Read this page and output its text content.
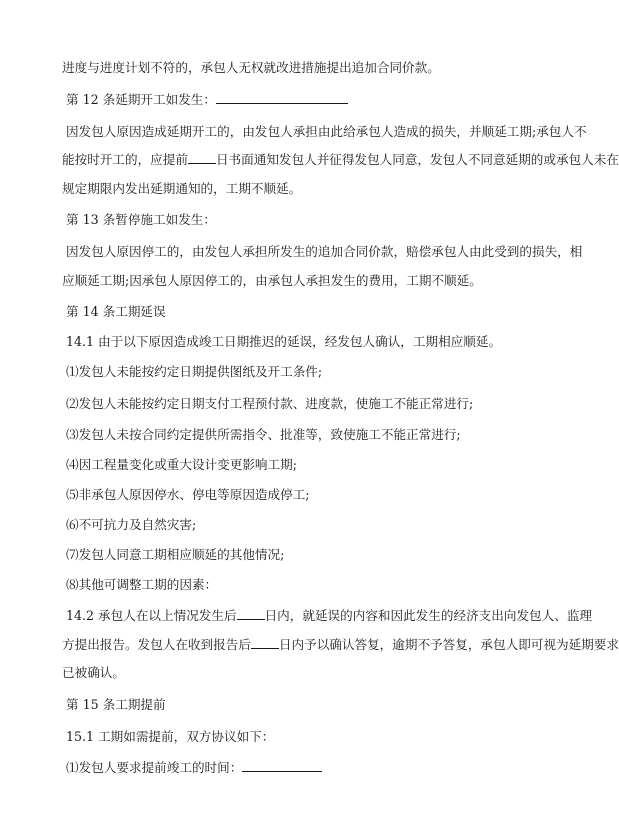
进度与进度计划不符的，承包人无权就改进措施提出追加合同价款。
第 12 条延期开工如发生：
因发包人原因造成延期开工的，由发包人承担由此给承包人造成的损失，并顺延工期;承包人不
能按时开工的，应提前 日书面通知发包人并征得发包人同意，发包人不同意延期的或承包人未在
规定期限内发出延期通知的，工期不顺延。
第 13 条暂停施工如发生：
因发包人原因停工的，由发包人承担所发生的追加合同价款，赔偿承包人由此受到的损失，相
应顺延工期;因承包人原因停工的，由承包人承担发生的费用，工期不顺延。
第 14 条工期延误
14.1 由于以下原因造成竣工日期推迟的延误，经发包人确认，工期相应顺延。
⑴发包人未能按约定日期提供图纸及开工条件;
⑵发包人未能按约定日期支付工程预付款、进度款，使施工不能正常进行;
⑶发包人未按合同约定提供所需指令、批准等，致使施工不能正常进行;
⑷因工程量变化或重大设计变更影响工期;
⑸非承包人原因停水、停电等原因造成停工;
⑹不可抗力及自然灾害;
⑺发包人同意工期相应顺延的其他情况;
⑻其他可调整工期的因素：
14.2 承包人在以上情况发生后 日内，就延误的内容和因此发生的经济支出向发包人、监理
方提出报告。发包人在收到报告后 日内予以确认答复，逾期不予答复，承包人即可视为延期要求
已被确认。
第 15 条工期提前
15.1 工期如需提前，双方协议如下：
⑴发包人要求提前竣工的时间：
